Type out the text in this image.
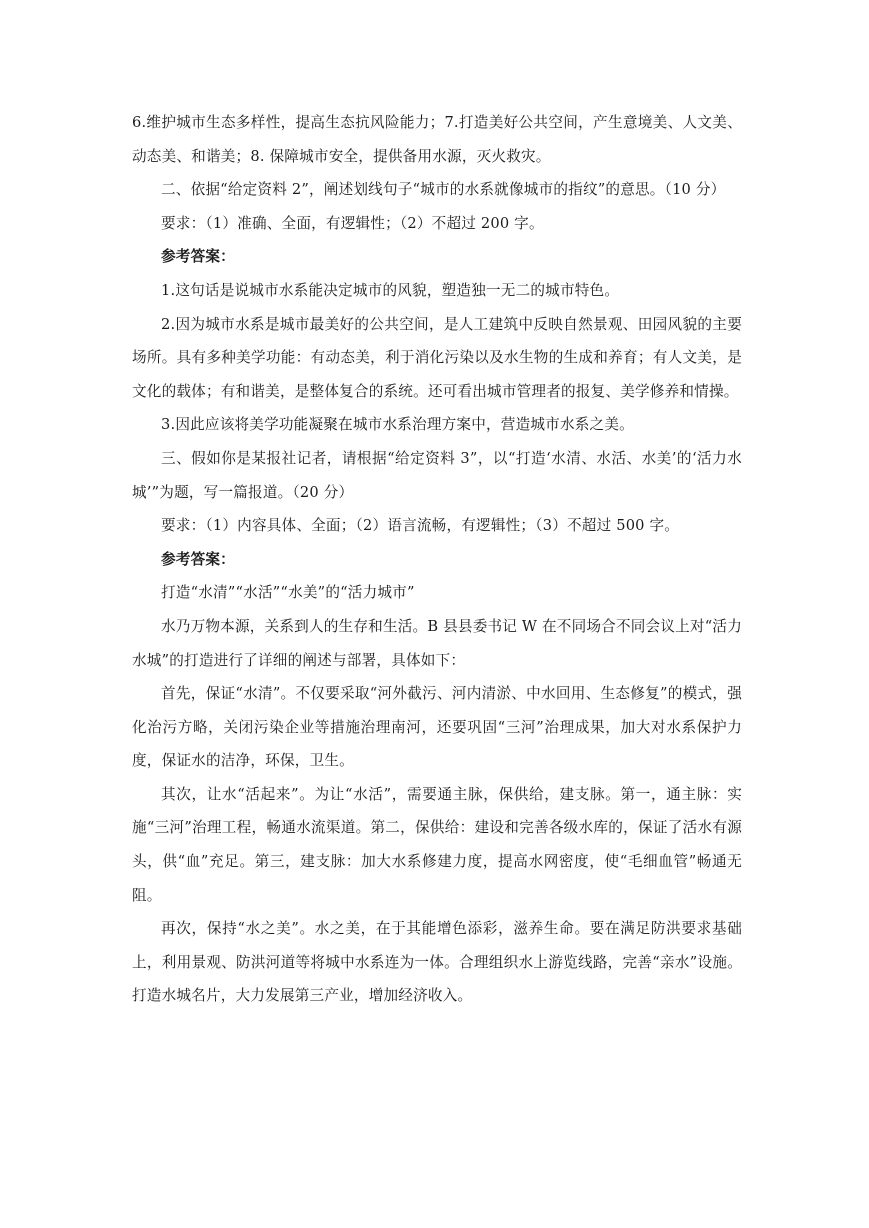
6.维护城市生态多样性，提高生态抗风险能力；7.打造美好公共空间，产生意境美、人文美、动态美、和谐美；8. 保障城市安全，提供备用水源，灭火救灾。

二、依据“给定资料 2”，阐述划线句子“城市的水系就像城市的指纹”的意思。（10 分）

要求：（1）准确、全面，有逻辑性；（2）不超过 200 字。

参考答案：

1.这句话是说城市水系能决定城市的风貌，塑造独一无二的城市特色。

2.因为城市水系是城市最美好的公共空间，是人工建筑中反映自然景观、田园风貌的主要场所。具有多种美学功能：有动态美，利于消化污染以及水生物的生成和养育；有人文美，是文化的载体；有和谐美，是整体复合的系统。还可看出城市管理者的报复、美学修养和情操。

3.因此应该将美学功能凝聚在城市水系治理方案中，营造城市水系之美。

三、假如你是某报社记者，请根据“给定资料 3”，以“打造‘水清、水活、水美’的‘活力水城’”为题，写一篇报道。（20 分）

要求：（1）内容具体、全面；（2）语言流畅，有逻辑性；（3）不超过 500 字。

参考答案：

打造“水清”“水活”“水美”的“活力城市”

水乃万物本源，关系到人的生存和生活。B 县县委书记 W 在不同场合不同会议上对“活力水城”的打造进行了详细的阐述与部署，具体如下：

首先，保证“水清”。不仅要采取“河外截污、河内清淤、中水回用、生态修复”的模式，强化治污方略，关闭污染企业等措施治理南河，还要巩固“三河”治理成果，加大对水系保护力度，保证水的洁净，环保，卫生。

其次，让水“活起来”。为让“水活”，需要通主脉，保供给，建支脉。第一，通主脉：实施“三河”治理工程，畅通水流渠道。第二，保供给：建设和完善各级水库的，保证了活水有源头，供“血”充足。第三，建支脉：加大水系修建力度，提高水网密度，使“毛细血管”畅通无阻。

再次，保持“水之美”。水之美，在于其能增色添彩，滋养生命。要在满足防洪要求基础上，利用景观、防洪河道等将城中水系连为一体。合理组织水上游览线路，完善“亲水”设施。打造水城名片，大力发展第三产业，增加经济收入。
